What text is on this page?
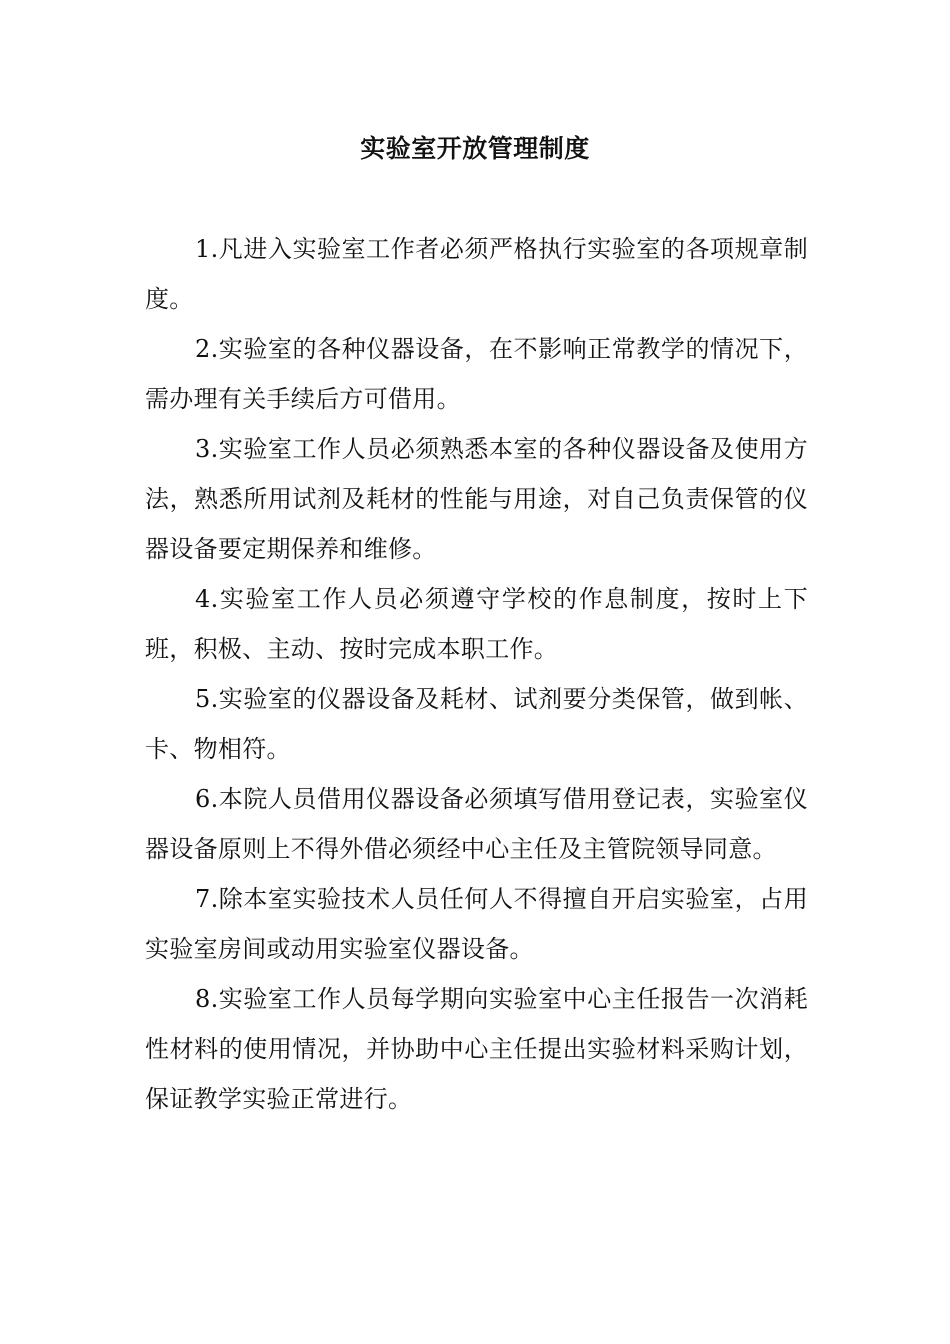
实验室开放管理制度

1.凡进入实验室工作者必须严格执行实验室的各项规章制度。

2.实验室的各种仪器设备，在不影响正常教学的情况下，需办理有关手续后方可借用。

3.实验室工作人员必须熟悉本室的各种仪器设备及使用方法，熟悉所用试剂及耗材的性能与用途，对自己负责保管的仪器设备要定期保养和维修。

4.实验室工作人员必须遵守学校的作息制度，按时上下班，积极、主动、按时完成本职工作。

5.实验室的仪器设备及耗材、试剂要分类保管，做到帐、卡、物相符。

6.本院人员借用仪器设备必须填写借用登记表，实验室仪器设备原则上不得外借必须经中心主任及主管院领导同意。

7.除本室实验技术人员任何人不得擅自开启实验室，占用实验室房间或动用实验室仪器设备。

8.实验室工作人员每学期向实验室中心主任报告一次消耗性材料的使用情况，并协助中心主任提出实验材料采购计划，保证教学实验正常进行。
